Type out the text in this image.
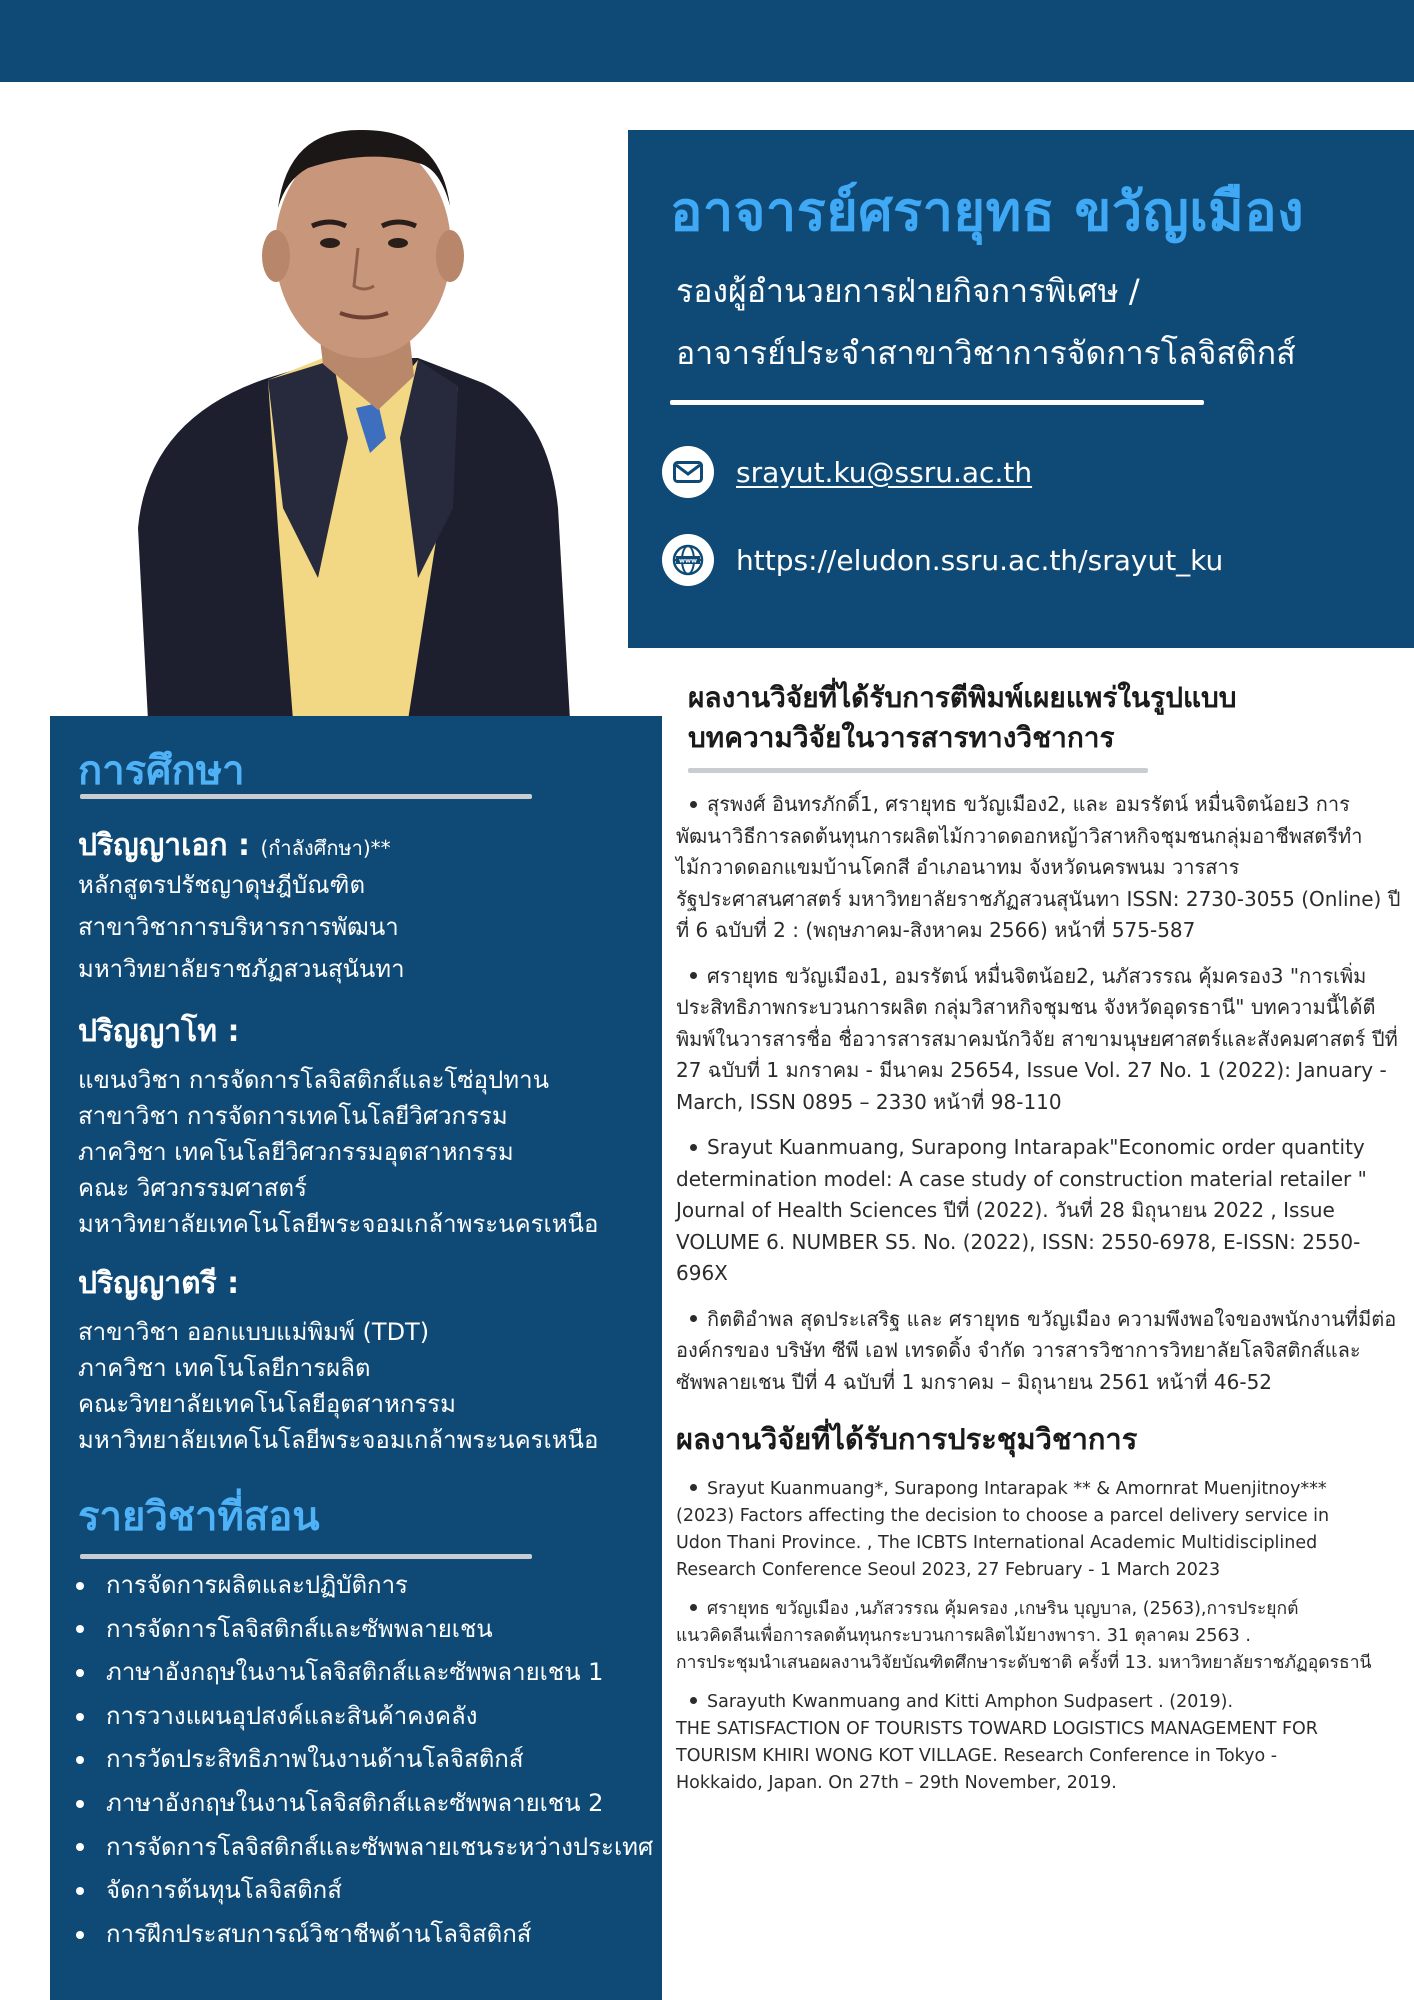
อาจารย์ศรายุทธ ขวัญเมือง
รองผู้อำนวยการฝ่ายกิจการพิเศษ /
อาจารย์ประจำสาขาวิชาการจัดการโลจิสติกส์
srayut.ku@ssru.ac.th
www https://eludon.ssru.ac.th/srayut_ku
การศึกษา
ปริญญาเอก : (กำลังศึกษา)**
หลักสูตรปรัชญาดุษฎีบัณฑิต
สาขาวิชาการบริหารการพัฒนา
มหาวิทยาลัยราชภัฏสวนสุนันทา
ปริญญาโท :
แขนงวิชา การจัดการโลจิสติกส์และโซ่อุปทาน
สาขาวิชา การจัดการเทคโนโลยีวิศวกรรม
ภาควิชา เทคโนโลยีวิศวกรรมอุตสาหกรรม
คณะ วิศวกรรมศาสตร์
มหาวิทยาลัยเทคโนโลยีพระจอมเกล้าพระนครเหนือ
ปริญญาตรี :
สาขาวิชา ออกแบบแม่พิมพ์ (TDT)
ภาควิชา เทคโนโลยีการผลิต
คณะวิทยาลัยเทคโนโลยีอุตสาหกรรม
มหาวิทยาลัยเทคโนโลยีพระจอมเกล้าพระนครเหนือ
รายวิชาที่สอน
การจัดการผลิตและปฏิบัติการ
การจัดการโลจิสติกส์และซัพพลายเชน
ภาษาอังกฤษในงานโลจิสติกส์และซัพพลายเชน 1
การวางแผนอุปสงค์และสินค้าคงคลัง
การวัดประสิทธิภาพในงานด้านโลจิสติกส์
ภาษาอังกฤษในงานโลจิสติกส์และซัพพลายเชน 2
การจัดการโลจิสติกส์และซัพพลายเชนระหว่างประเทศ
จัดการต้นทุนโลจิสติกส์
การฝึกประสบการณ์วิชาชีพด้านโลจิสติกส์
ผลงานวิจัยที่ได้รับการตีพิมพ์เผยแพร่ในรูปแบบ
บทความวิจัยในวารสารทางวิชาการ
สุรพงศ์ อินทรภักดิ์1, ศรายุทธ ขวัญเมือง2, และ อมรรัตน์ หมื่นจิตน้อย3 การพัฒนาวิธีการลดต้นทุนการผลิตไม้กวาดดอกหญ้าวิสาหกิจชุมชนกลุ่มอาชีพสตรีทำไม้กวาดดอกแขมบ้านโคกสี อำเภอนาทม จังหวัดนครพนม วารสารรัฐประศาสนศาสตร์ มหาวิทยาลัยราชภัฏสวนสุนันทา ISSN: 2730-3055 (Online) ปีที่ 6 ฉบับที่ 2 : (พฤษภาคม-สิงหาคม 2566) หน้าที่ 575-587
ศรายุทธ ขวัญเมือง1, อมรรัตน์ หมื่นจิตน้อย2, นภัสวรรณ คุ้มครอง3 "การเพิ่มประสิทธิภาพกระบวนการผลิต กลุ่มวิสาหกิจชุมชน จังหวัดอุดรธานี" บทความนี้ได้ตีพิมพ์ในวารสารชื่อ ชื่อวารสารสมาคมนักวิจัย สาขามนุษยศาสตร์และสังคมศาสตร์ ปีที่ 27 ฉบับที่ 1 มกราคม - มีนาคม 25654, Issue Vol. 27 No. 1 (2022): January - March, ISSN 0895 – 2330 หน้าที่ 98-110
Srayut Kuanmuang, Surapong Intarapak"Economic order quantity determination model: A case study of construction material retailer " Journal of Health Sciences ปีที่ (2022). วันที่ 28 มิถุนายน 2022 , Issue VOLUME 6. NUMBER S5. No. (2022), ISSN: 2550-6978, E-ISSN: 2550-696X
กิตติอำพล สุดประเสริฐ และ ศรายุทธ ขวัญเมือง ความพึงพอใจของพนักงานที่มีต่อองค์กรของ บริษัท ซีพี เอฟ เทรดดิ้ง จำกัด วารสารวิชาการวิทยาลัยโลจิสติกส์และซัพพลายเชน ปีที่ 4 ฉบับที่ 1 มกราคม – มิถุนายน 2561 หน้าที่ 46-52
ผลงานวิจัยที่ได้รับการประชุมวิชาการ
Srayut Kuanmuang*, Surapong Intarapak ** & Amornrat Muenjitnoy***
(2023) Factors affecting the decision to choose a parcel delivery service in
Udon Thani Province. , The ICBTS International Academic Multidisciplined
Research Conference Seoul 2023, 27 February - 1 March 2023
ศรายุทธ ขวัญเมือง ,นภัสวรรณ คุ้มครอง ,เกษริน บุญบาล, (2563),การประยุกต์
แนวคิดลีนเพื่อการลดต้นทุนกระบวนการผลิตไม้ยางพารา. 31 ตุลาคม 2563 .
การประชุมนำเสนอผลงานวิจัยบัณฑิตศึกษาระดับชาติ ครั้งที่ 13. มหาวิทยาลัยราชภัฏอุดรธานี
Sarayuth Kwanmuang and Kitti Amphon Sudpasert . (2019).
THE SATISFACTION OF TOURISTS TOWARD LOGISTICS MANAGEMENT FOR
TOURISM KHIRI WONG KOT VILLAGE. Research Conference in Tokyo -
Hokkaido, Japan. On 27th – 29th November, 2019.
